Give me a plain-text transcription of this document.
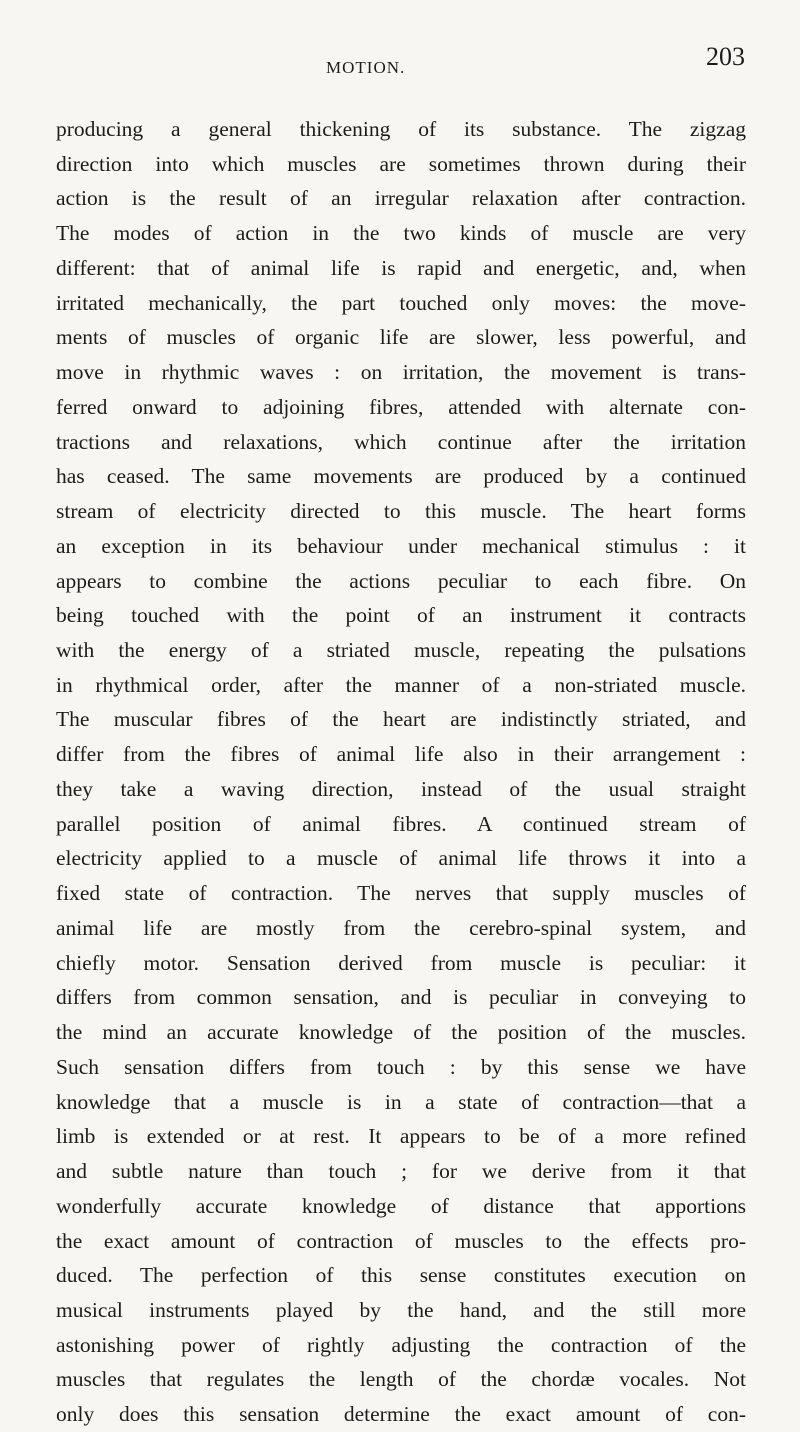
MOTION.	203
producing a general thickening of its substance. The zigzag
direction into which muscles are sometimes thrown during their
action is the result of an irregular relaxation after contraction.
The modes of action in the two kinds of muscle are very
different: that of animal life is rapid and energetic, and, when
irritated mechanically, the part touched only moves: the move-
ments of muscles of organic life are slower, less powerful, and
move in rhythmic waves : on irritation, the movement is trans-
ferred onward to adjoining fibres, attended with alternate con-
tractions and relaxations, which continue after the irritation
has ceased. The same movements are produced by a continued
stream of electricity directed to this muscle. The heart forms
an exception in its behaviour under mechanical stimulus : it
appears to combine the actions peculiar to each fibre. On
being touched with the point of an instrument it contracts
with the energy of a striated muscle, repeating the pulsations
in rhythmical order, after the manner of a non-striated muscle.
The muscular fibres of the heart are indistinctly striated, and
differ from the fibres of animal life also in their arrangement :
they take a waving direction, instead of the usual straight
parallel position of animal fibres. A continued stream of
electricity applied to a muscle of animal life throws it into a
fixed state of contraction. The nerves that supply muscles of
animal life are mostly from the cerebro-spinal system, and
chiefly motor. Sensation derived from muscle is peculiar: it
differs from common sensation, and is peculiar in conveying to
the mind an accurate knowledge of the position of the muscles.
Such sensation differs from touch : by this sense we have
knowledge that a muscle is in a state of contraction—that a
limb is extended or at rest. It appears to be of a more refined
and subtle nature than touch ; for we derive from it that
wonderfully accurate knowledge of distance that apportions
the exact amount of contraction of muscles to the effects pro-
duced. The perfection of this sense constitutes execution on
musical instruments played by the hand, and the still more
astonishing power of rightly adjusting the contraction of the
muscles that regulates the length of the chordæ vocales. Not
only does this sensation determine the exact amount of con-
